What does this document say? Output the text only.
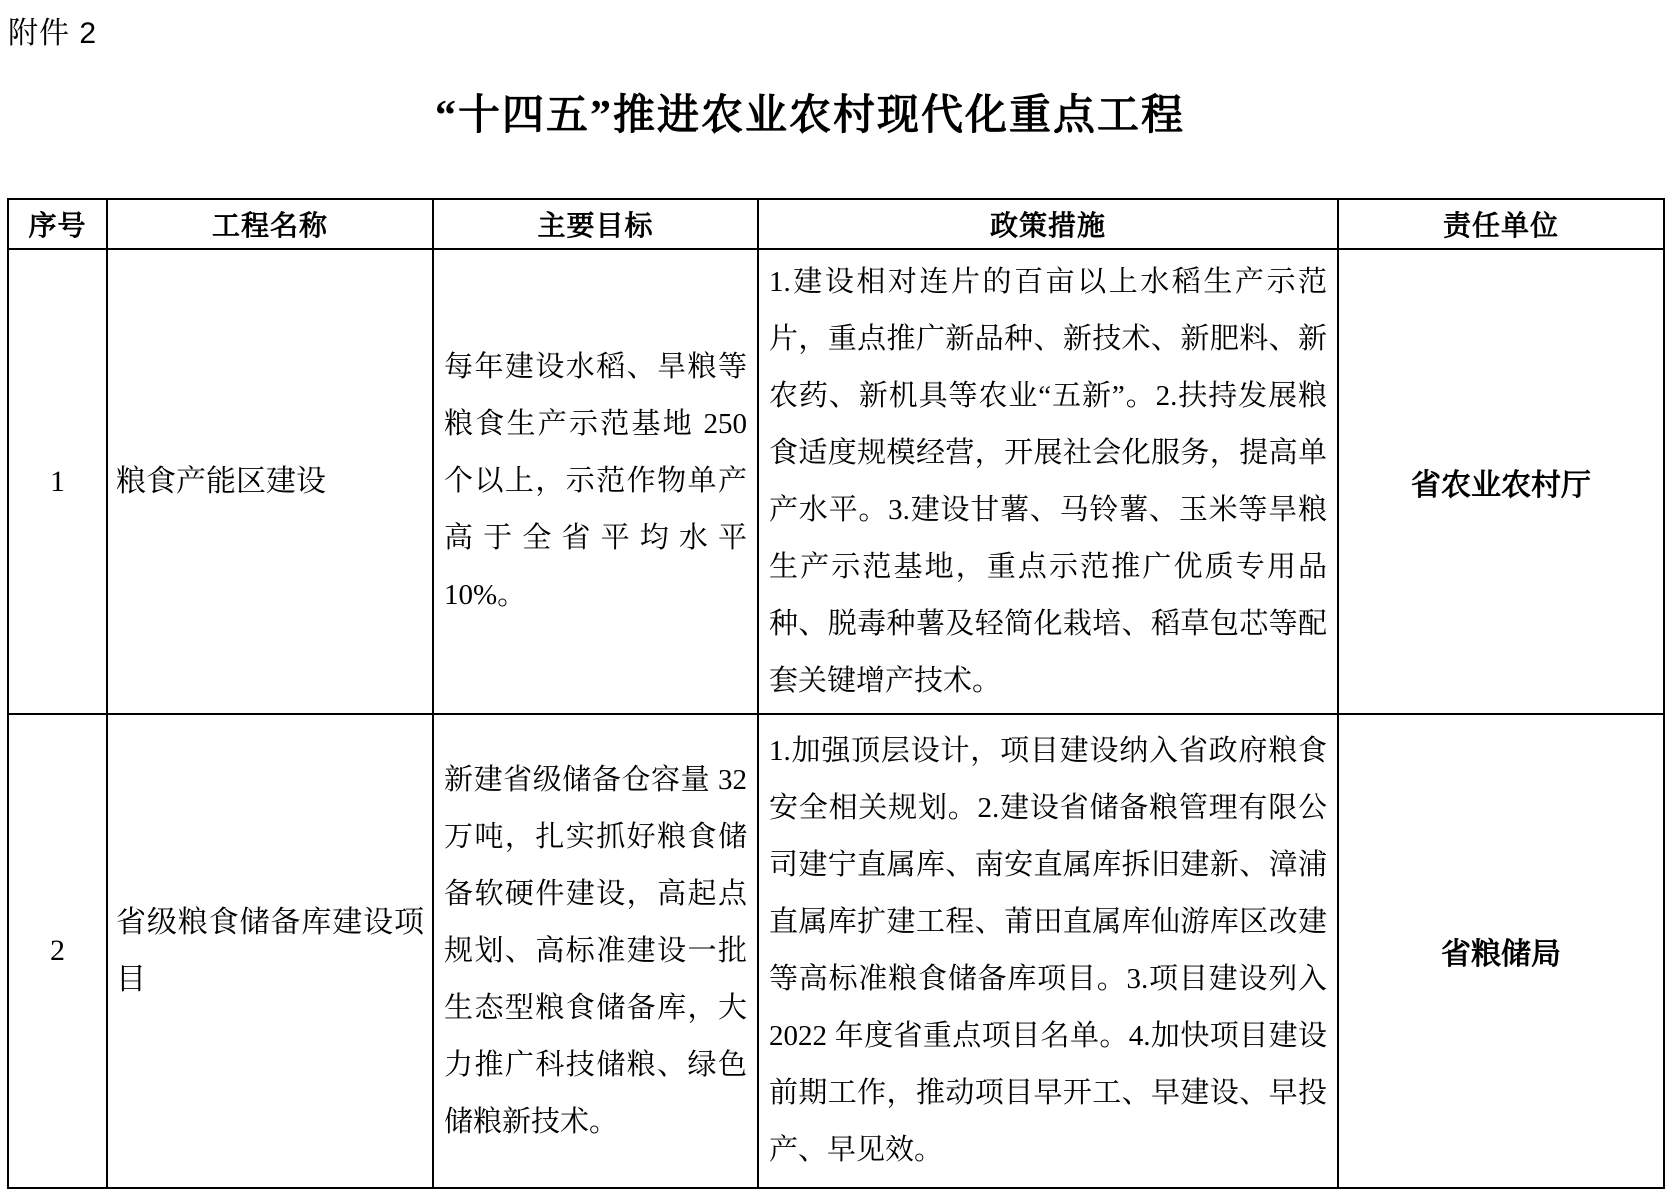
附件 2
“十四五”推进农业农村现代化重点工程
序号	工程名称	主要目标	政策措施	责任单位
1	粮食产能区建设	每年建设水稻、旱粮等粮食生产示范基地 250 个以上，示范作物单产高于全省平均水平 10%。	1.建设相对连片的百亩以上水稻生产示范片，重点推广新品种、新技术、新肥料、新农药、新机具等农业“五新”。2.扶持发展粮食适度规模经营，开展社会化服务，提高单产水平。3.建设甘薯、马铃薯、玉米等旱粮生产示范基地，重点示范推广优质专用品种、脱毒种薯及轻简化栽培、稻草包芯等配套关键增产技术。	省农业农村厅
2	省级粮食储备库建设项目	新建省级储备仓容量 32 万吨，扎实抓好粮食储备软硬件建设，高起点规划、高标准建设一批生态型粮食储备库，大力推广科技储粮、绿色储粮新技术。	1.加强顶层设计，项目建设纳入省政府粮食安全相关规划。2.建设省储备粮管理有限公司建宁直属库、南安直属库拆旧建新、漳浦直属库扩建工程、莆田直属库仙游库区改建等高标准粮食储备库项目。3.项目建设列入 2022 年度省重点项目名单。4.加快项目建设前期工作，推动项目早开工、早建设、早投产、早见效。	省粮储局
